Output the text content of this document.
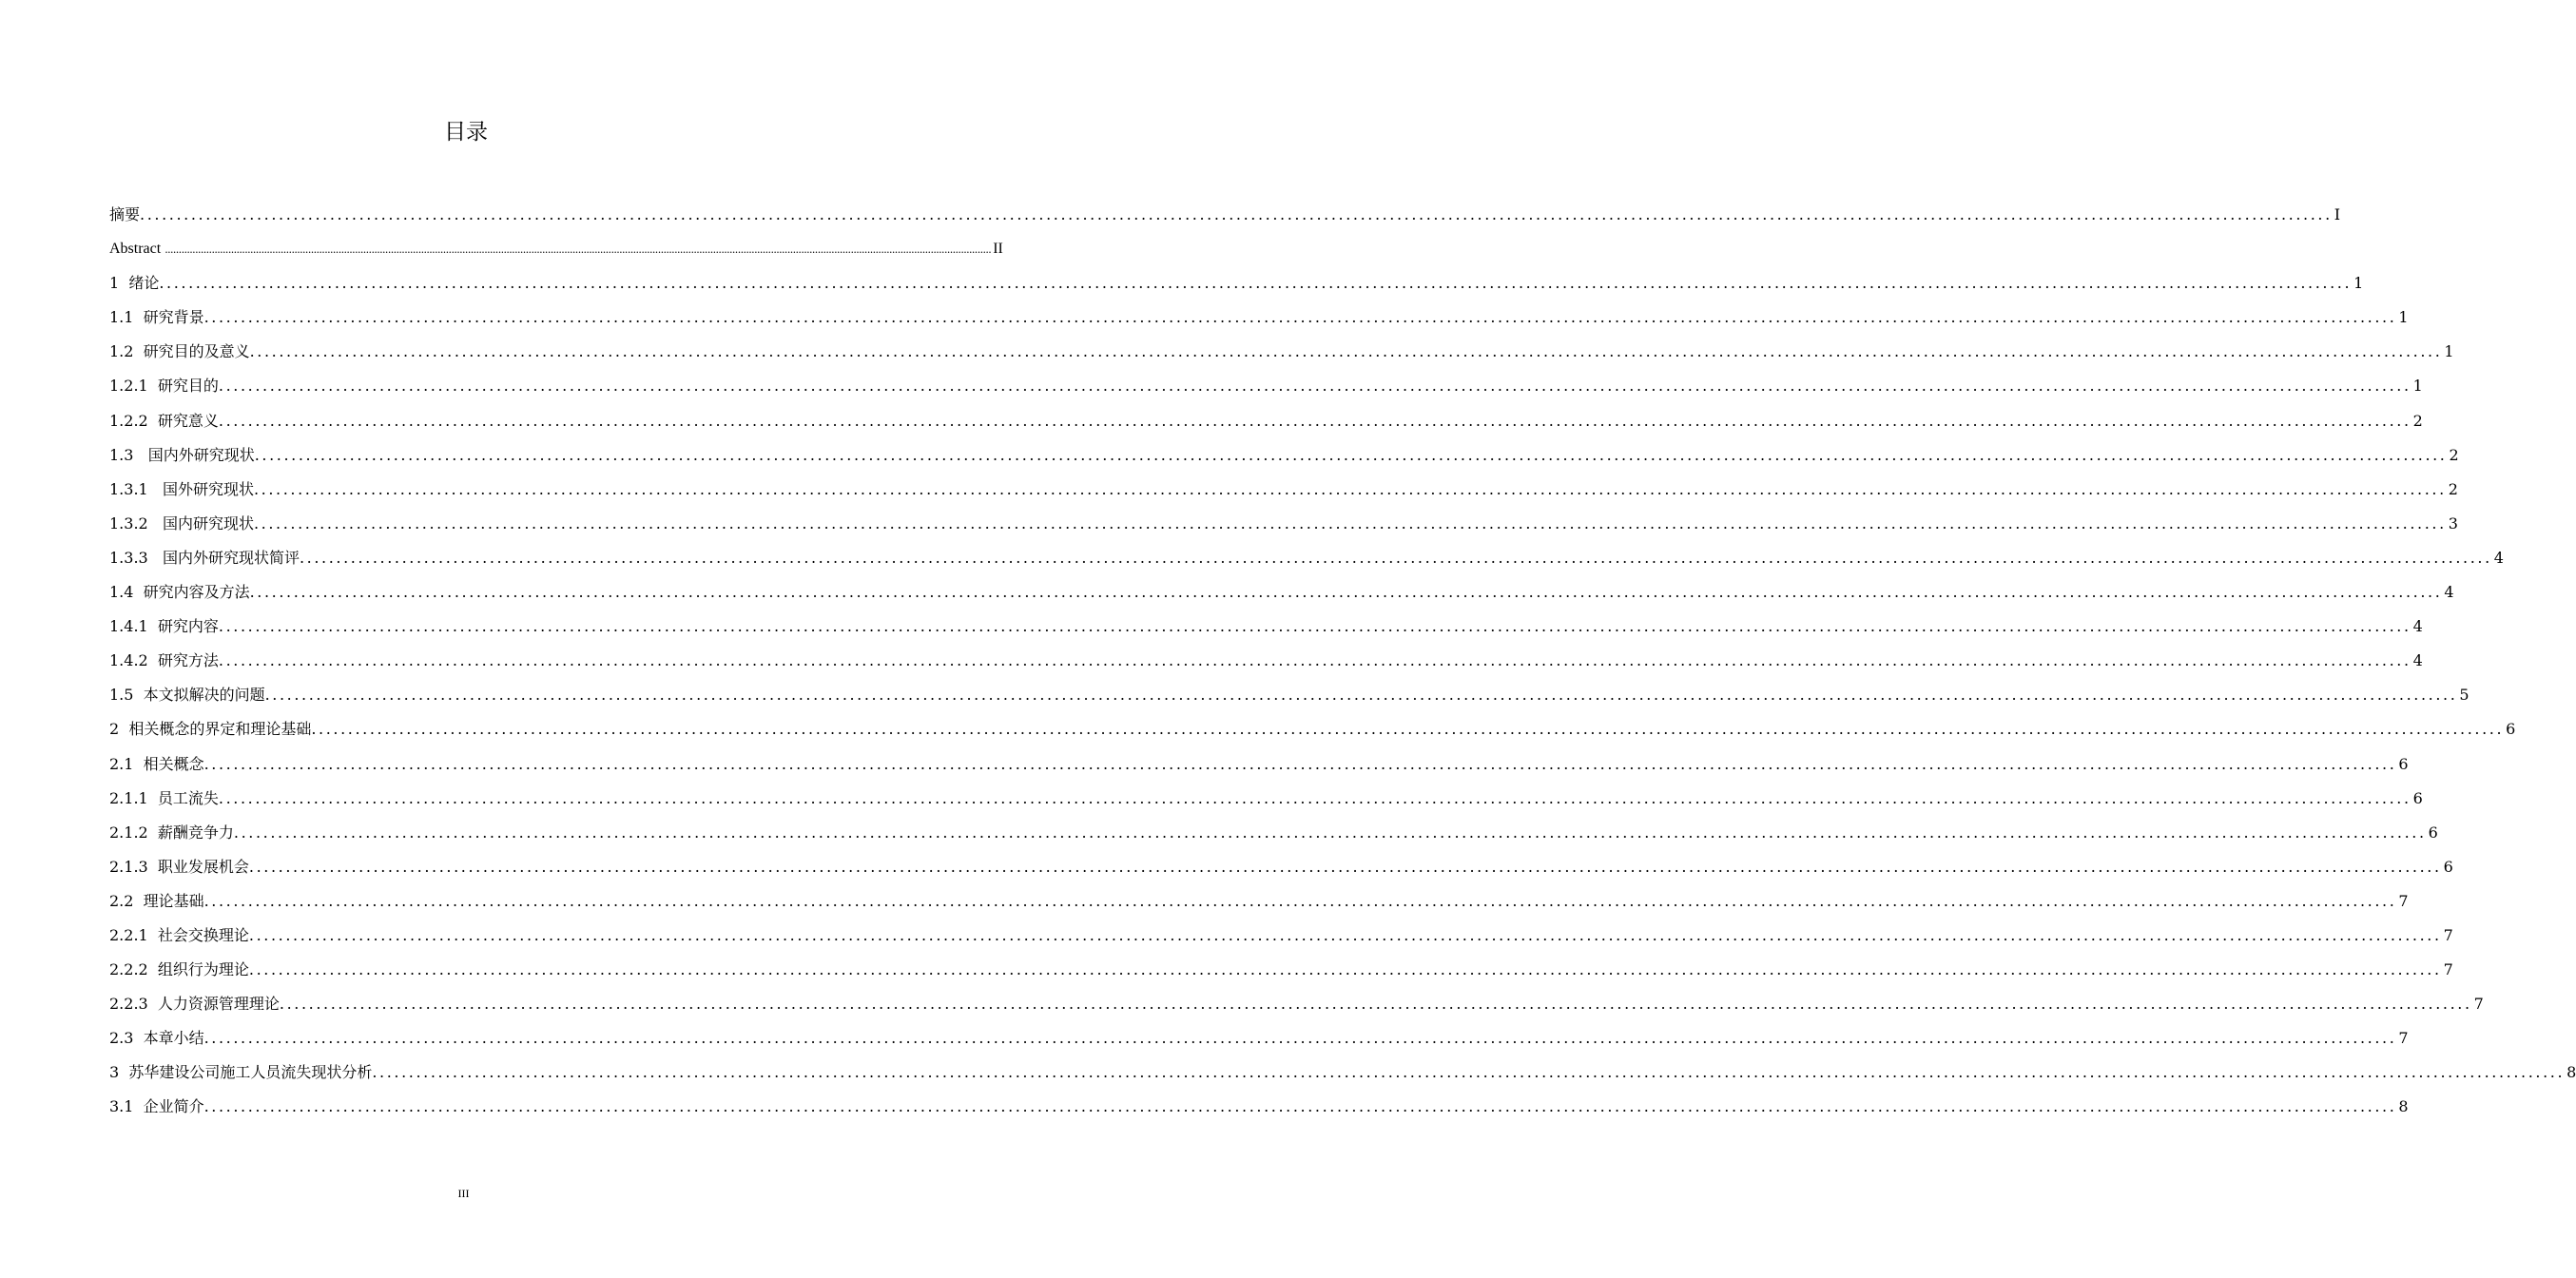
目录
摘要 ............................................................................................................................................................................................................................................................................................................ I
Abstract ............................................................................................................................................................................................................................................................................................................ II
1  绪论 ............................................................................................................................................................................................................................................................................................................ 1
1.1  研究背景 ............................................................................................................................................................................................................................................................................................................ 1
1.2  研究目的及意义 ............................................................................................................................................................................................................................................................................................................ 1
1.2.1  研究目的 ............................................................................................................................................................................................................................................................................................................ 1
1.2.2  研究意义 ............................................................................................................................................................................................................................................................................................................ 2
1.3   国内外研究现状 ............................................................................................................................................................................................................................................................................................................ 2
1.3.1   国外研究现状 ............................................................................................................................................................................................................................................................................................................ 2
1.3.2   国内研究现状 ............................................................................................................................................................................................................................................................................................................ 3
1.3.3   国内外研究现状简评 ............................................................................................................................................................................................................................................................................................................ 4
1.4  研究内容及方法 ............................................................................................................................................................................................................................................................................................................ 4
1.4.1  研究内容 ............................................................................................................................................................................................................................................................................................................ 4
1.4.2  研究方法 ............................................................................................................................................................................................................................................................................................................ 4
1.5  本文拟解决的问题 ............................................................................................................................................................................................................................................................................................................ 5
2  相关概念的界定和理论基础 ............................................................................................................................................................................................................................................................................................................ 6
2.1  相关概念 ............................................................................................................................................................................................................................................................................................................ 6
2.1.1  员工流失 ............................................................................................................................................................................................................................................................................................................ 6
2.1.2  薪酬竞争力 ............................................................................................................................................................................................................................................................................................................ 6
2.1.3  职业发展机会 ............................................................................................................................................................................................................................................................................................................ 6
2.2  理论基础 ............................................................................................................................................................................................................................................................................................................ 7
2.2.1  社会交换理论 ............................................................................................................................................................................................................................................................................................................ 7
2.2.2  组织行为理论 ............................................................................................................................................................................................................................................................................................................ 7
2.2.3  人力资源管理理论 ............................................................................................................................................................................................................................................................................................................ 7
2.3  本章小结 ............................................................................................................................................................................................................................................................................................................ 7
3  苏华建设公司施工人员流失现状分析 ............................................................................................................................................................................................................................................................................................................ 8
3.1  企业简介 ............................................................................................................................................................................................................................................................................................................ 8
III
